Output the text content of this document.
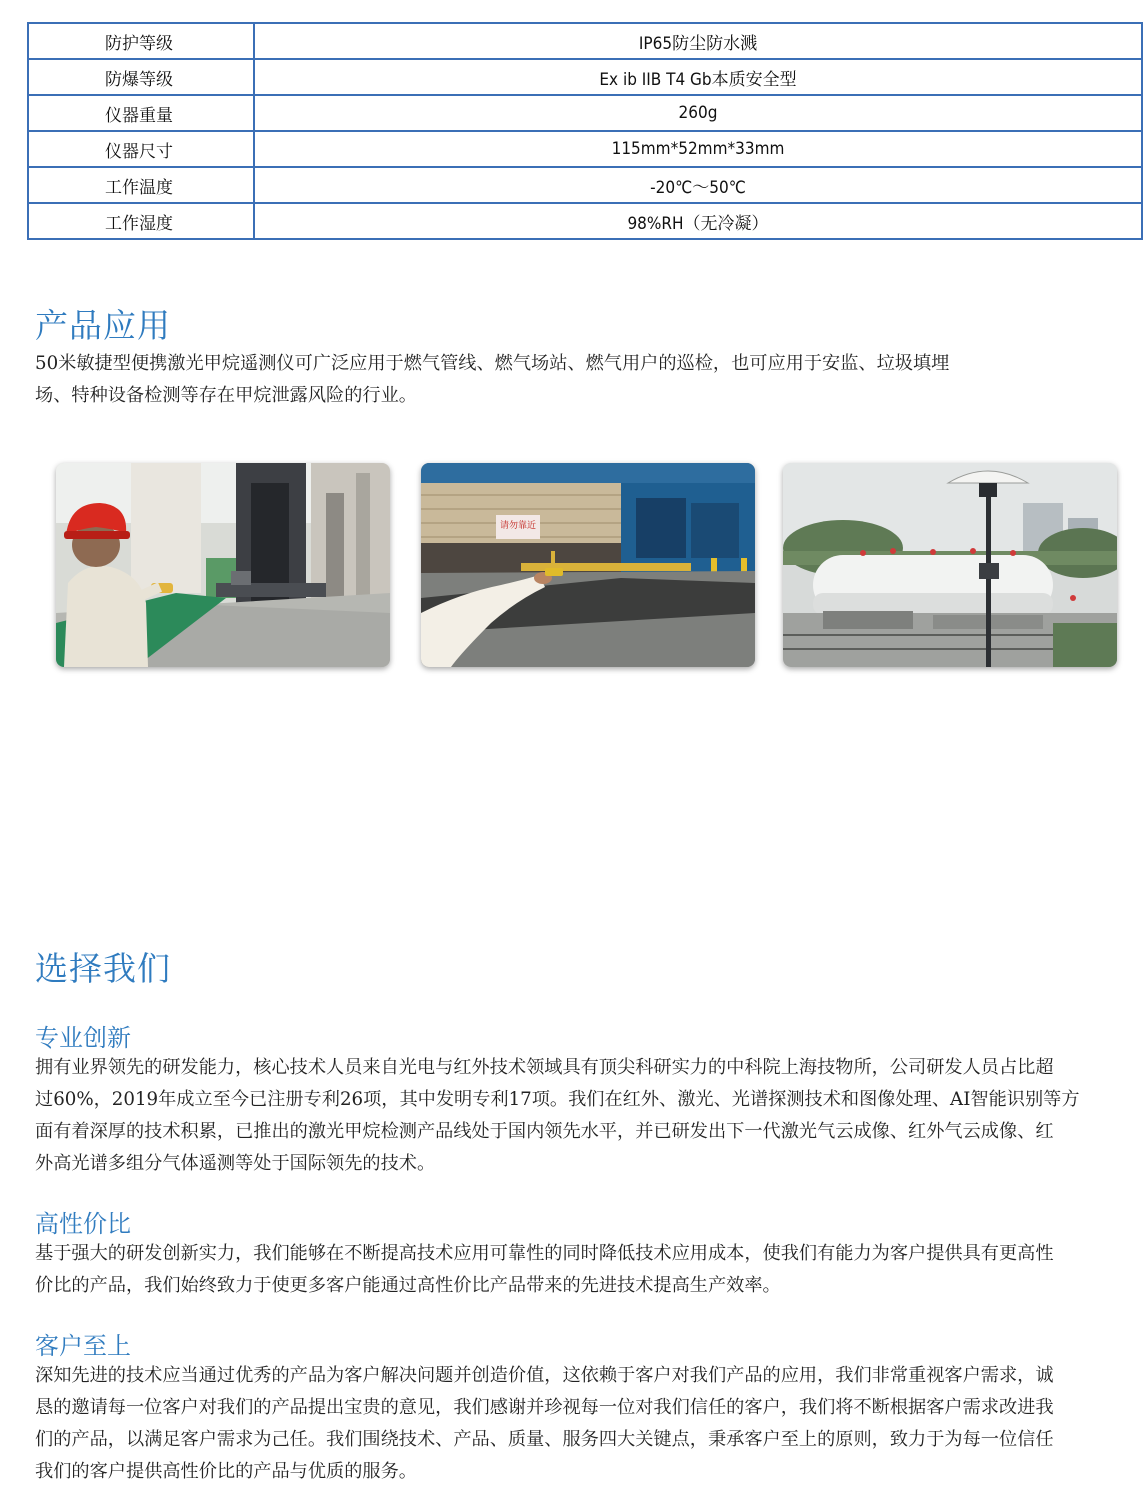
防护等级	IP65防尘防水溅
防爆等级	Ex ib IIB T4 Gb本质安全型
仪器重量	260g
仪器尺寸	115mm*52mm*33mm
工作温度	-20℃～50℃
工作湿度	98%RH（无冷凝）
产品应用

50米敏捷型便携激光甲烷遥测仪可广泛应用于燃气管线、燃气场站、燃气用户的巡检，也可应用于安监、垃圾填埋
场、特种设备检测等存在甲烷泄露风险的行业。

请勿靠近
选择我们
专业创新

拥有业界领先的研发能力，核心技术人员来自光电与红外技术领域具有顶尖科研实力的中科院上海技物所，公司研发人员占比超
过60%，2019年成立至今已注册专利26项，其中发明专利17项。我们在红外、激光、光谱探测技术和图像处理、AI智能识别等方
面有着深厚的技术积累，已推出的激光甲烷检测产品线处于国内领先水平，并已研发出下一代激光气云成像、红外气云成像、红
外高光谱多组分气体遥测等处于国际领先的技术。

高性价比

基于强大的研发创新实力，我们能够在不断提高技术应用可靠性的同时降低技术应用成本，使我们有能力为客户提供具有更高性
价比的产品，我们始终致力于使更多客户能通过高性价比产品带来的先进技术提高生产效率。

客户至上

深知先进的技术应当通过优秀的产品为客户解决问题并创造价值，这依赖于客户对我们产品的应用，我们非常重视客户需求，诚
恳的邀请每一位客户对我们的产品提出宝贵的意见，我们感谢并珍视每一位对我们信任的客户，我们将不断根据客户需求改进我
们的产品，以满足客户需求为己任。我们围绕技术、产品、质量、服务四大关键点，秉承客户至上的原则，致力于为每一位信任
我们的客户提供高性价比的产品与优质的服务。
